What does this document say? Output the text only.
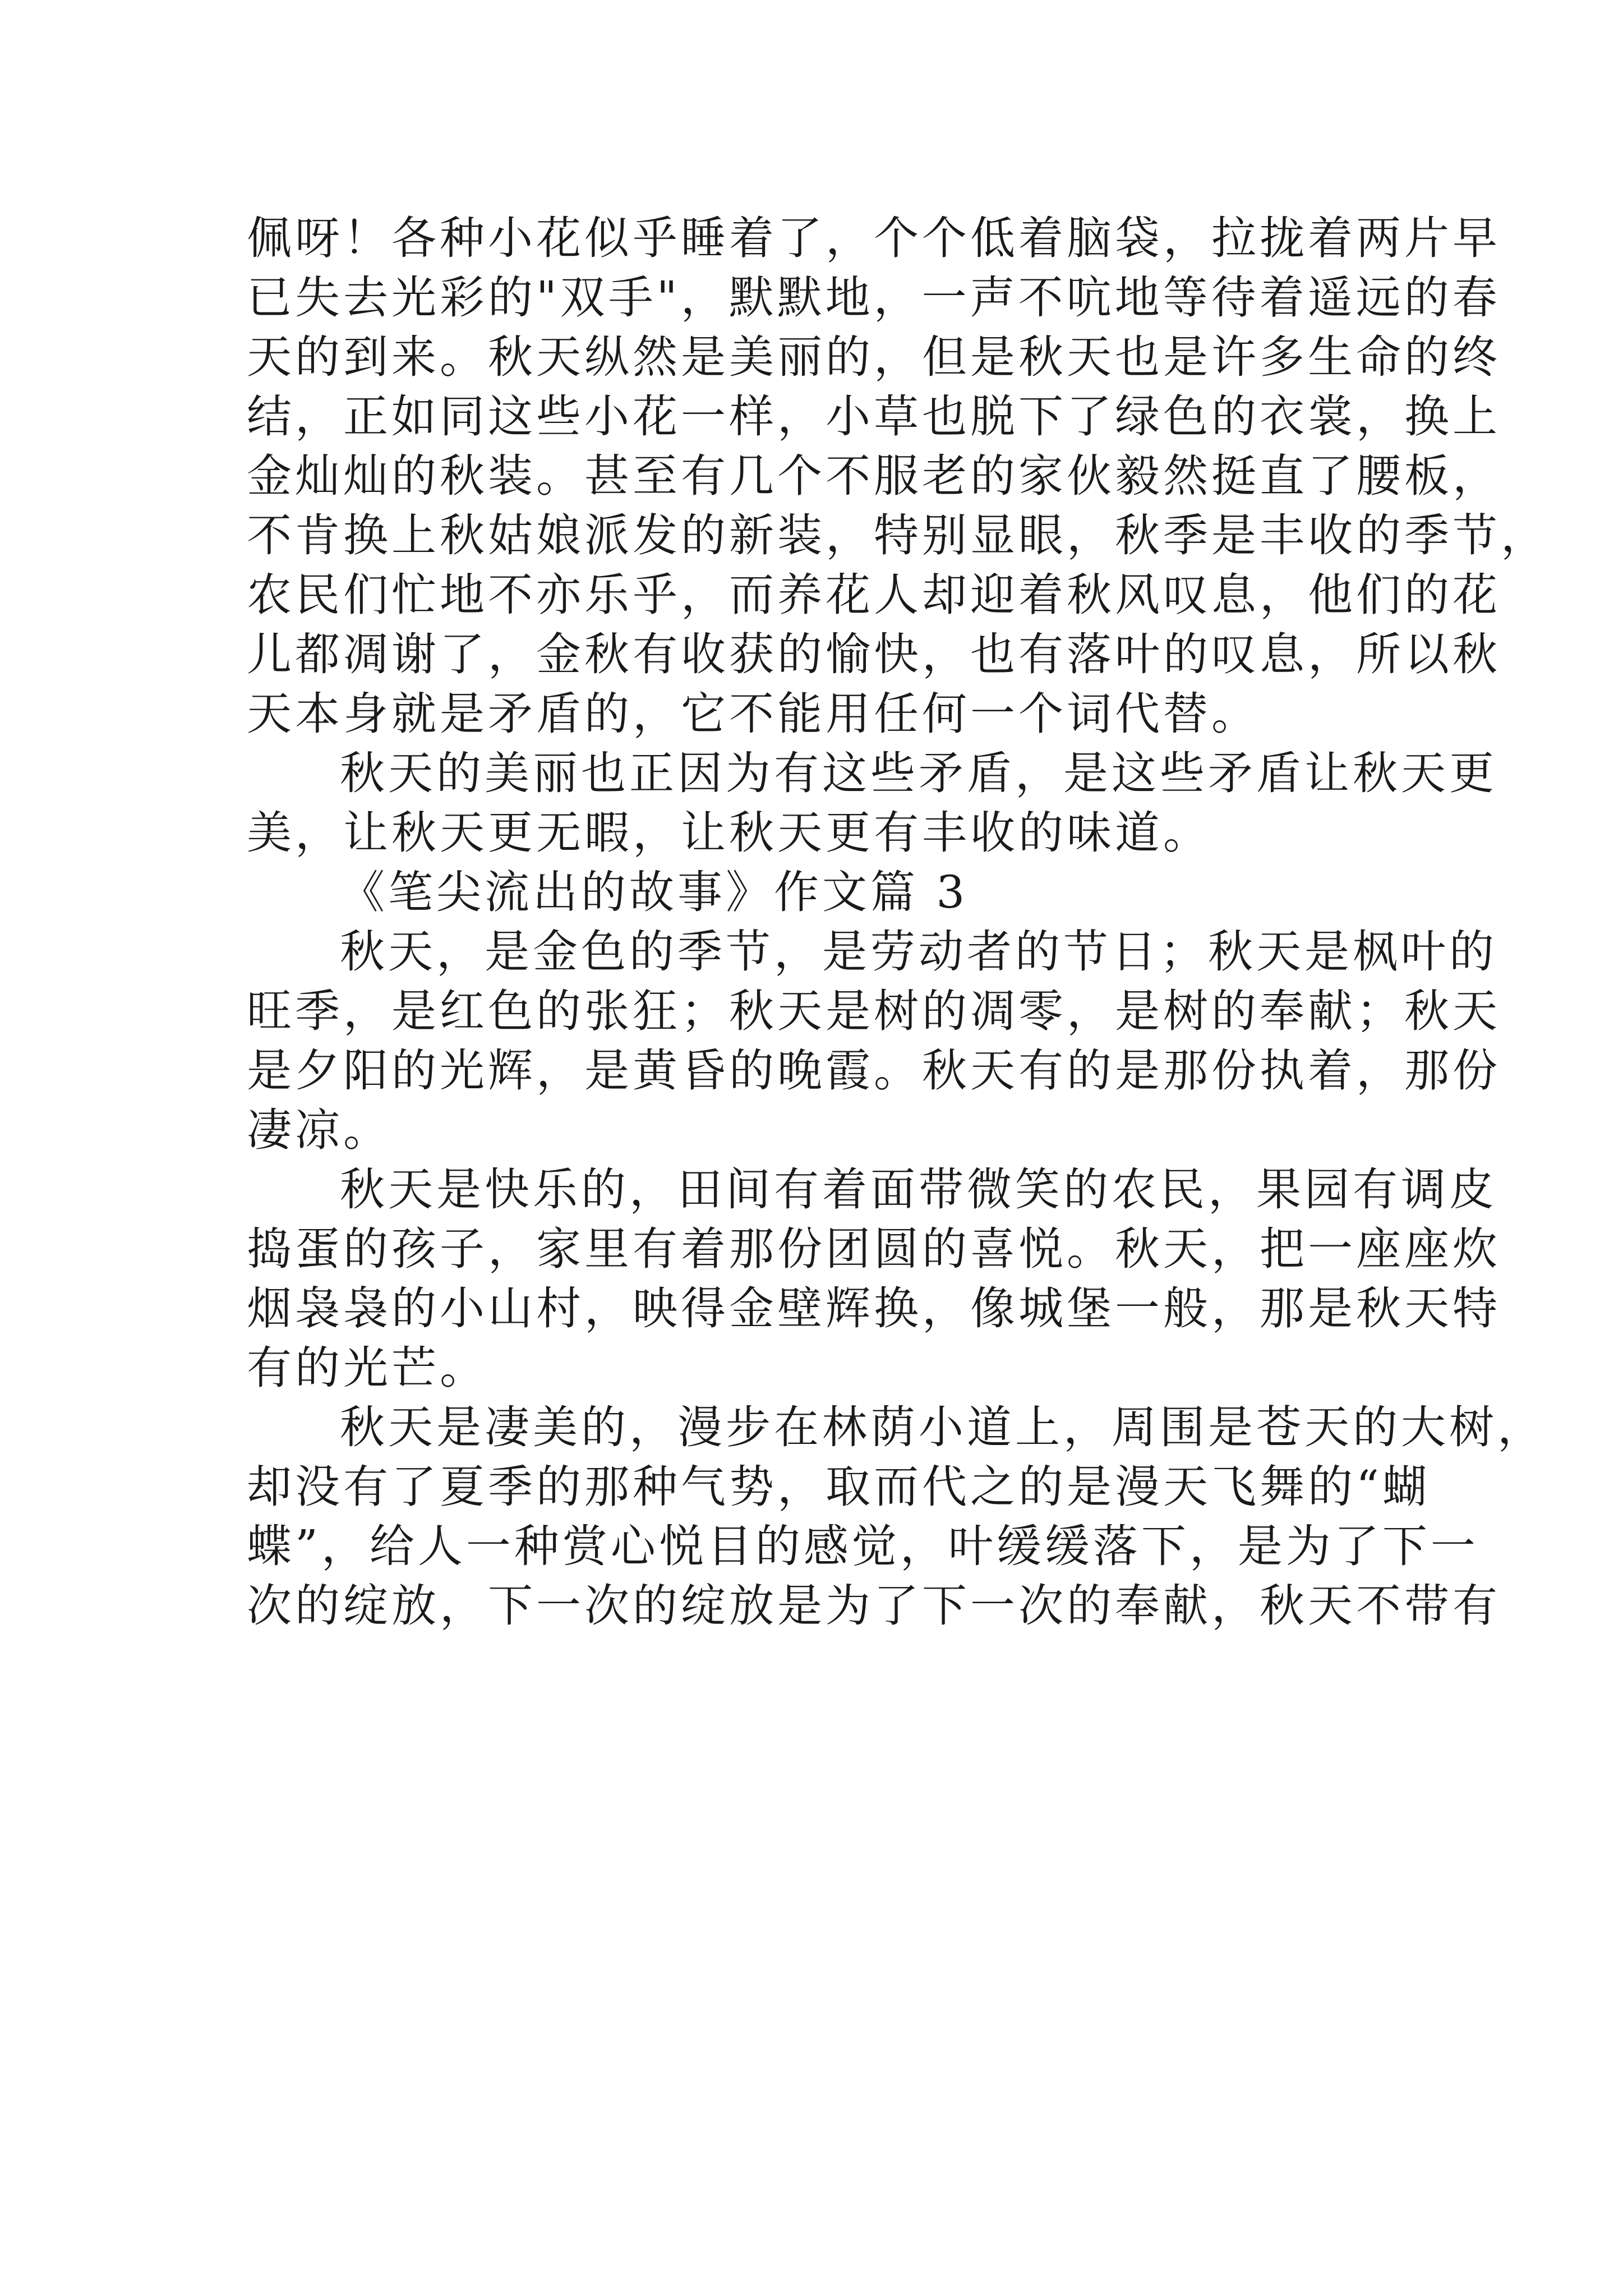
佩呀！各种小花似乎睡着了，个个低着脑袋，拉拢着两片早
已失去光彩的"双手"，默默地，一声不吭地等待着遥远的春
天的到来。秋天纵然是美丽的，但是秋天也是许多生命的终
结，正如同这些小花一样，小草也脱下了绿色的衣裳，换上
金灿灿的秋装。甚至有几个不服老的家伙毅然挺直了腰板，
不肯换上秋姑娘派发的新装，特别显眼，秋季是丰收的季节，
农民们忙地不亦乐乎，而养花人却迎着秋风叹息，他们的花
儿都凋谢了，金秋有收获的愉快，也有落叶的叹息，所以秋
天本身就是矛盾的，它不能用任何一个词代替。
秋天的美丽也正因为有这些矛盾，是这些矛盾让秋天更
美，让秋天更无暇，让秋天更有丰收的味道。
《笔尖流出的故事》作文篇 3
秋天，是金色的季节，是劳动者的节日；秋天是枫叶的
旺季，是红色的张狂；秋天是树的凋零，是树的奉献；秋天
是夕阳的光辉，是黄昏的晚霞。秋天有的是那份执着，那份
凄凉。
秋天是快乐的，田间有着面带微笑的农民，果园有调皮
捣蛋的孩子，家里有着那份团圆的喜悦。秋天，把一座座炊
烟袅袅的小山村，映得金壁辉换，像城堡一般，那是秋天特
有的光芒。
秋天是凄美的，漫步在林荫小道上，周围是苍天的大树，
却没有了夏季的那种气势，取而代之的是漫天飞舞的“蝴
蝶”，给人一种赏心悦目的感觉，叶缓缓落下，是为了下一
次的绽放，下一次的绽放是为了下一次的奉献，秋天不带有
